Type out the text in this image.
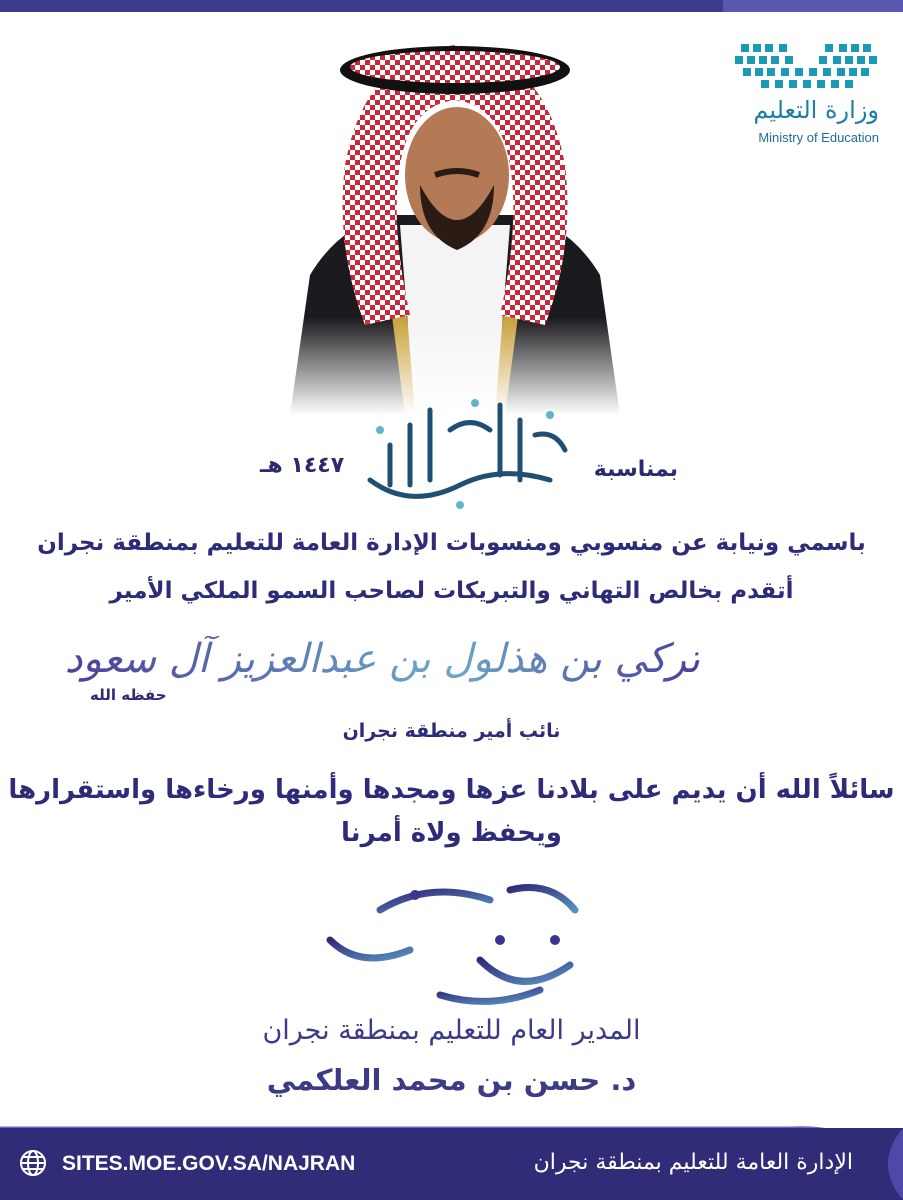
وزارة التعليم
Ministry of Education
بمناسبة
١٤٤٧ هـ
باسمي ونيابة عن منسوبي ومنسوبات الإدارة العامة للتعليم بمنطقة نجران
أتقدم بخالص التهاني والتبريكات لصاحب السمو الملكي الأمير
تركي بن هذلول بن عبدالعزيز آل سعود
حفظه الله
نائب أمير منطقة نجران
سائلاً الله أن يديم على بلادنا عزها ومجدها وأمنها ورخاءها واستقرارها
ويحفظ ولاة أمرنا
المدير العام للتعليم بمنطقة نجران
د. حسن بن محمد العلكمي
SITES.MOE.GOV.SA/NAJRAN	الإدارة العامة للتعليم بمنطقة نجران
